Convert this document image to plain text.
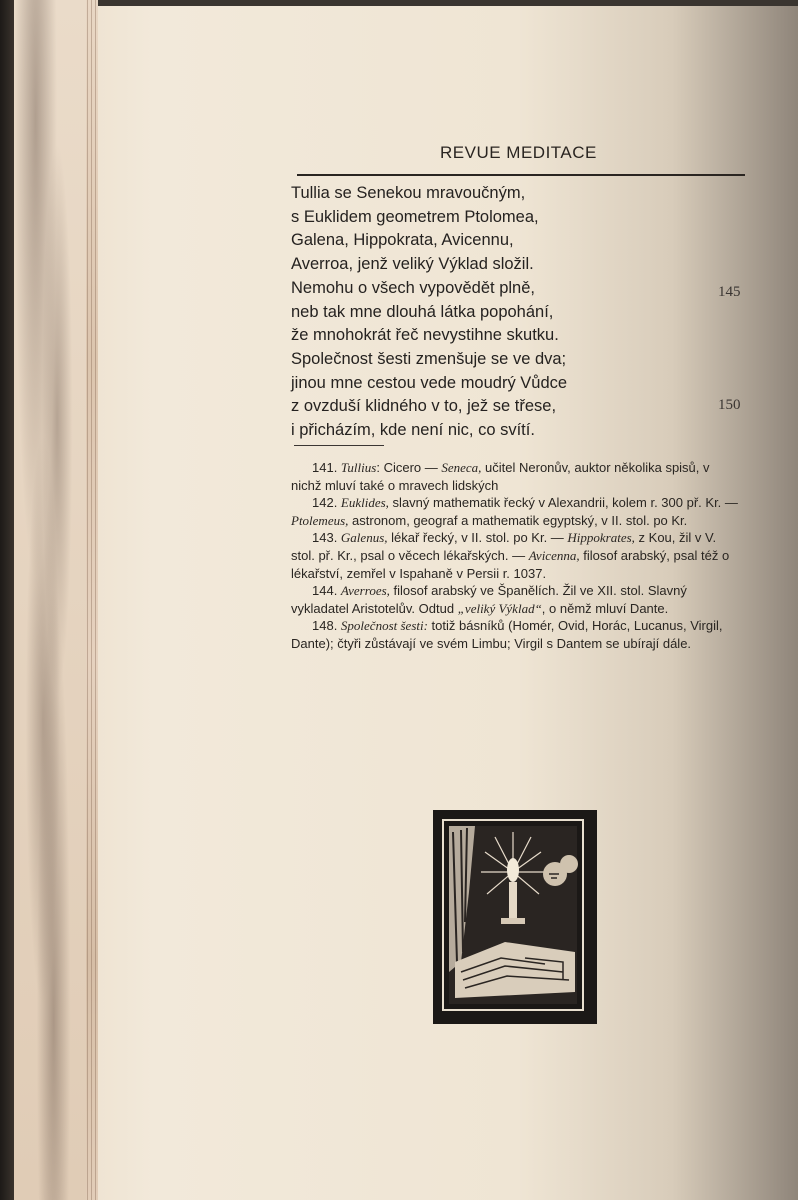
REVUE MEDITACE
Tullia se Senekou mravoučným,
s Euklidem geometrem Ptolomea,
Galena, Hippokrata, Avicennu,
Averroa, jenž veliký Výklad složil.
Nemohu o všech vypovědět plně,
neb tak mne dlouhá látka popohání,
že mnohokrát řeč nevystihne skutku.
Společnost šesti zmenšuje se ve dva;
jinou mne cestou vede moudrý Vůdce
z ovzduší klidného v to, jež se třese,
i přicházím, kde není nic, co svítí.
145
150

141. Tullius: Cicero — Seneca, učitel Neronův, auktor několika spisů, v nichž mluví také o mravech lidských

142. Euklides, slavný mathematik řecký v Alexandrii, kolem r. 300 př. Kr. — Ptolemeus, astronom, geograf a mathematik egyptský, v II. stol. po Kr.

143. Galenus, lékař řecký, v II. stol. po Kr. — Hippokrates, z Kou, žil v V. stol. př. Kr., psal o věcech lékařských. — Avicenna, filosof arabský, psal též o lékařství, zemřel v Ispahaně v Persii r. 1037.

144. Averroes, filosof arabský ve Španělích. Žil ve XII. stol. Slavný vykladatel Aristotelův. Odtud „veliký Výklad“, o němž mluví Dante.

148. Společnost šesti: totiž básníků (Homér, Ovid, Horác, Lucanus, Virgil, Dante); čtyři zůstávají ve svém Limbu; Virgil s Dantem se ubírají dále.
